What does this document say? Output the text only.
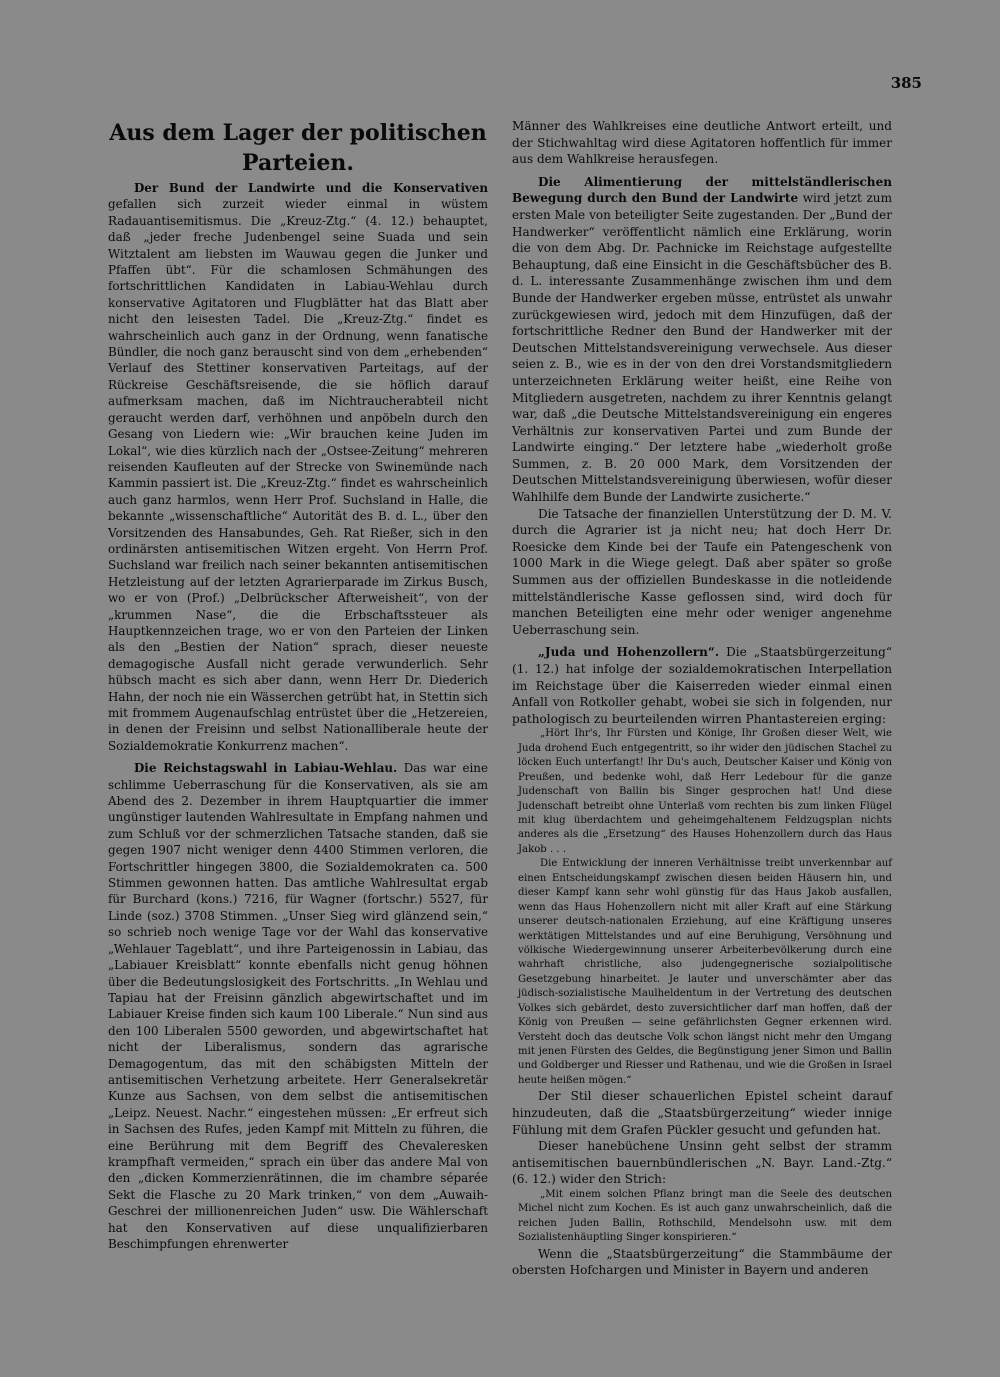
385
Aus dem Lager der politischen Parteien.

Der Bund der Landwirte und die Konservativen gefallen sich zurzeit wieder einmal in wüstem Radauantisemitismus. Die „Kreuz-Ztg.“ (4. 12.) behauptet, daß „jeder freche Judenbengel seine Suada und sein Witztalent am liebsten im Wauwau gegen die Junker und Pfaffen übt“. Für die schamlosen Schmähungen des fortschrittlichen Kandidaten in Labiau-Wehlau durch konservative Agitatoren und Flugblätter hat das Blatt aber nicht den leisesten Tadel. Die „Kreuz-Ztg.“ findet es wahrscheinlich auch ganz in der Ordnung, wenn fanatische Bündler, die noch ganz berauscht sind von dem „erhebenden“ Verlauf des Stettiner konservativen Parteitags, auf der Rückreise Geschäftsreisende, die sie höflich darauf aufmerksam machen, daß im Nichtraucherabteil nicht geraucht werden darf, verhöhnen und anpöbeln durch den Gesang von Liedern wie: „Wir brauchen keine Juden im Lokal“, wie dies kürzlich nach der „Ostsee-Zeitung“ mehreren reisenden Kaufleuten auf der Strecke von Swinemünde nach Kammin passiert ist. Die „Kreuz-Ztg.“ findet es wahrscheinlich auch ganz harmlos, wenn Herr Prof. Suchsland in Halle, die bekannte „wissenschaftliche“ Autorität des B. d. L., über den Vorsitzenden des Hansabundes, Geh. Rat Rießer, sich in den ordinärsten antisemitischen Witzen ergeht. Von Herrn Prof. Suchsland war freilich nach seiner bekannten antisemitischen Hetzleistung auf der letzten Agrarierparade im Zirkus Busch, wo er von (Prof.) „Delbrückscher Afterweisheit“, von der „krummen Nase“, die die Erbschaftssteuer als Hauptkennzeichen trage, wo er von den Parteien der Linken als den „Bestien der Nation“ sprach, dieser neueste demagogische Ausfall nicht gerade verwunderlich. Sehr hübsch macht es sich aber dann, wenn Herr Dr. Diederich Hahn, der noch nie ein Wässerchen getrübt hat, in Stettin sich mit frommem Augenaufschlag entrüstet über die „Hetzereien, in denen der Freisinn und selbst Nationalliberale heute der Sozialdemokratie Konkurrenz machen“.

Die Reichstagswahl in Labiau-Wehlau. Das war eine schlimme Ueberraschung für die Konservativen, als sie am Abend des 2. Dezember in ihrem Hauptquartier die immer ungünstiger lautenden Wahlresultate in Empfang nahmen und zum Schluß vor der schmerzlichen Tatsache standen, daß sie gegen 1907 nicht weniger denn 4400 Stimmen verloren, die Fortschrittler hingegen 3800, die Sozialdemokraten ca. 500 Stimmen gewonnen hatten. Das amtliche Wahlresultat ergab für Burchard (kons.) 7216, für Wagner (fortschr.) 5527, für Linde (soz.) 3708 Stimmen. „Unser Sieg wird glänzend sein,“ so schrieb noch wenige Tage vor der Wahl das konservative „Wehlauer Tageblatt“, und ihre Parteigenossin in Labiau, das „Labiauer Kreisblatt“ konnte ebenfalls nicht genug höhnen über die Bedeutungslosigkeit des Fortschritts. „In Wehlau und Tapiau hat der Freisinn gänzlich abgewirtschaftet und im Labiauer Kreise finden sich kaum 100 Liberale.“ Nun sind aus den 100 Liberalen 5500 geworden, und abgewirtschaftet hat nicht der Liberalismus, sondern das agrarische Demagogentum, das mit den schäbigsten Mitteln der antisemitischen Verhetzung arbeitete. Herr Generalsekretär Kunze aus Sachsen, von dem selbst die antisemitischen „Leipz. Neuest. Nachr.“ eingestehen müssen: „Er erfreut sich in Sachsen des Rufes, jeden Kampf mit Mitteln zu führen, die eine Berührung mit dem Begriff des Chevaleresken krampfhaft vermeiden,“ sprach ein über das andere Mal von den „dicken Kommerzienrätinnen, die im chambre séparée Sekt die Flasche zu 20 Mark trinken,“ von dem „Auwaih-Geschrei der millionenreichen Juden“ usw. Die Wählerschaft hat den Konservativen auf diese unqualifizierbaren Beschimpfungen ehrenwerter

Männer des Wahlkreises eine deutliche Antwort erteilt, und der Stichwahltag wird diese Agitatoren hoffentlich für immer aus dem Wahlkreise herausfegen.

Die Alimentierung der mittelständlerischen Bewegung durch den Bund der Landwirte wird jetzt zum ersten Male von beteiligter Seite zugestanden. Der „Bund der Handwerker“ veröffentlicht nämlich eine Erklärung, worin die von dem Abg. Dr. Pachnicke im Reichstage aufgestellte Behauptung, daß eine Einsicht in die Geschäftsbücher des B. d. L. interessante Zusammenhänge zwischen ihm und dem Bunde der Handwerker ergeben müsse, entrüstet als unwahr zurückgewiesen wird, jedoch mit dem Hinzufügen, daß der fortschrittliche Redner den Bund der Handwerker mit der Deutschen Mittelstandsvereinigung verwechsele. Aus dieser seien z. B., wie es in der von den drei Vorstandsmitgliedern unterzeichneten Erklärung weiter heißt, eine Reihe von Mitgliedern ausgetreten, nachdem zu ihrer Kenntnis gelangt war, daß „die Deutsche Mittelstandsvereinigung ein engeres Verhältnis zur konservativen Partei und zum Bunde der Landwirte einging.“ Der letztere habe „wiederholt große Summen, z. B. 20 000 Mark, dem Vorsitzenden der Deutschen Mittelstandsvereinigung überwiesen, wofür dieser Wahlhilfe dem Bunde der Landwirte zusicherte.“

Die Tatsache der finanziellen Unterstützung der D. M. V. durch die Agrarier ist ja nicht neu; hat doch Herr Dr. Roesicke dem Kinde bei der Taufe ein Patengeschenk von 1000 Mark in die Wiege gelegt. Daß aber später so große Summen aus der offiziellen Bundeskasse in die notleidende mittelständlerische Kasse geflossen sind, wird doch für manchen Beteiligten eine mehr oder weniger angenehme Ueberraschung sein.

„Juda und Hohenzollern“. Die „Staatsbürgerzeitung“ (1. 12.) hat infolge der sozialdemokratischen Interpellation im Reichstage über die Kaiserreden wieder einmal einen Anfall von Rotkoller gehabt, wobei sie sich in folgenden, nur pathologisch zu beurteilenden wirren Phantastereien erging:

„Hört Ihr's, Ihr Fürsten und Könige, Ihr Großen dieser Welt, wie Juda drohend Euch entgegentritt, so ihr wider den jüdischen Stachel zu löcken Euch unterfangt! Ihr Du's auch, Deutscher Kaiser und König von Preußen, und bedenke wohl, daß Herr Ledebour für die ganze Judenschaft von Ballin bis Singer gesprochen hat! Und diese Judenschaft betreibt ohne Unterlaß vom rechten bis zum linken Flügel mit klug überdachtem und geheimgehaltenem Feldzugsplan nichts anderes als die „Ersetzung“ des Hauses Hohenzollern durch das Haus Jakob . . .

Die Entwicklung der inneren Verhältnisse treibt unverkennbar auf einen Entscheidungskampf zwischen diesen beiden Häusern hin, und dieser Kampf kann sehr wohl günstig für das Haus Jakob ausfallen, wenn das Haus Hohenzollern nicht mit aller Kraft auf eine Stärkung unserer deutsch-nationalen Erziehung, auf eine Kräftigung unseres werktätigen Mittelstandes und auf eine Beruhigung, Versöhnung und völkische Wiedergewinnung unserer Arbeiterbevölkerung durch eine wahrhaft christliche, also judengegnerische sozialpolitische Gesetzgebung hinarbeitet. Je lauter und unverschämter aber das jüdisch-sozialistische Maulheldentum in der Vertretung des deutschen Volkes sich gebärdet, desto zuversichtlicher darf man hoffen, daß der König von Preußen — seine gefährlichsten Gegner erkennen wird. Versteht doch das deutsche Volk schon längst nicht mehr den Umgang mit jenen Fürsten des Geldes, die Begünstigung jener Simon und Ballin und Goldberger und Riesser und Rathenau, und wie die Großen in Israel heute heißen mögen.“

Der Stil dieser schauerlichen Epistel scheint darauf hinzudeuten, daß die „Staatsbürgerzeitung“ wieder innige Fühlung mit dem Grafen Pückler gesucht und gefunden hat.

Dieser hanebüchene Unsinn geht selbst der stramm antisemitischen bauernbündlerischen „N. Bayr. Land.-Ztg.“ (6. 12.) wider den Strich:

„Mit einem solchen Pflanz bringt man die Seele des deutschen Michel nicht zum Kochen. Es ist auch ganz unwahrscheinlich, daß die reichen Juden Ballin, Rothschild, Mendelsohn usw. mit dem Sozialistenhäuptling Singer konspirieren.“

Wenn die „Staatsbürgerzeitung“ die Stammbäume der obersten Hofchargen und Minister in Bayern und anderen
